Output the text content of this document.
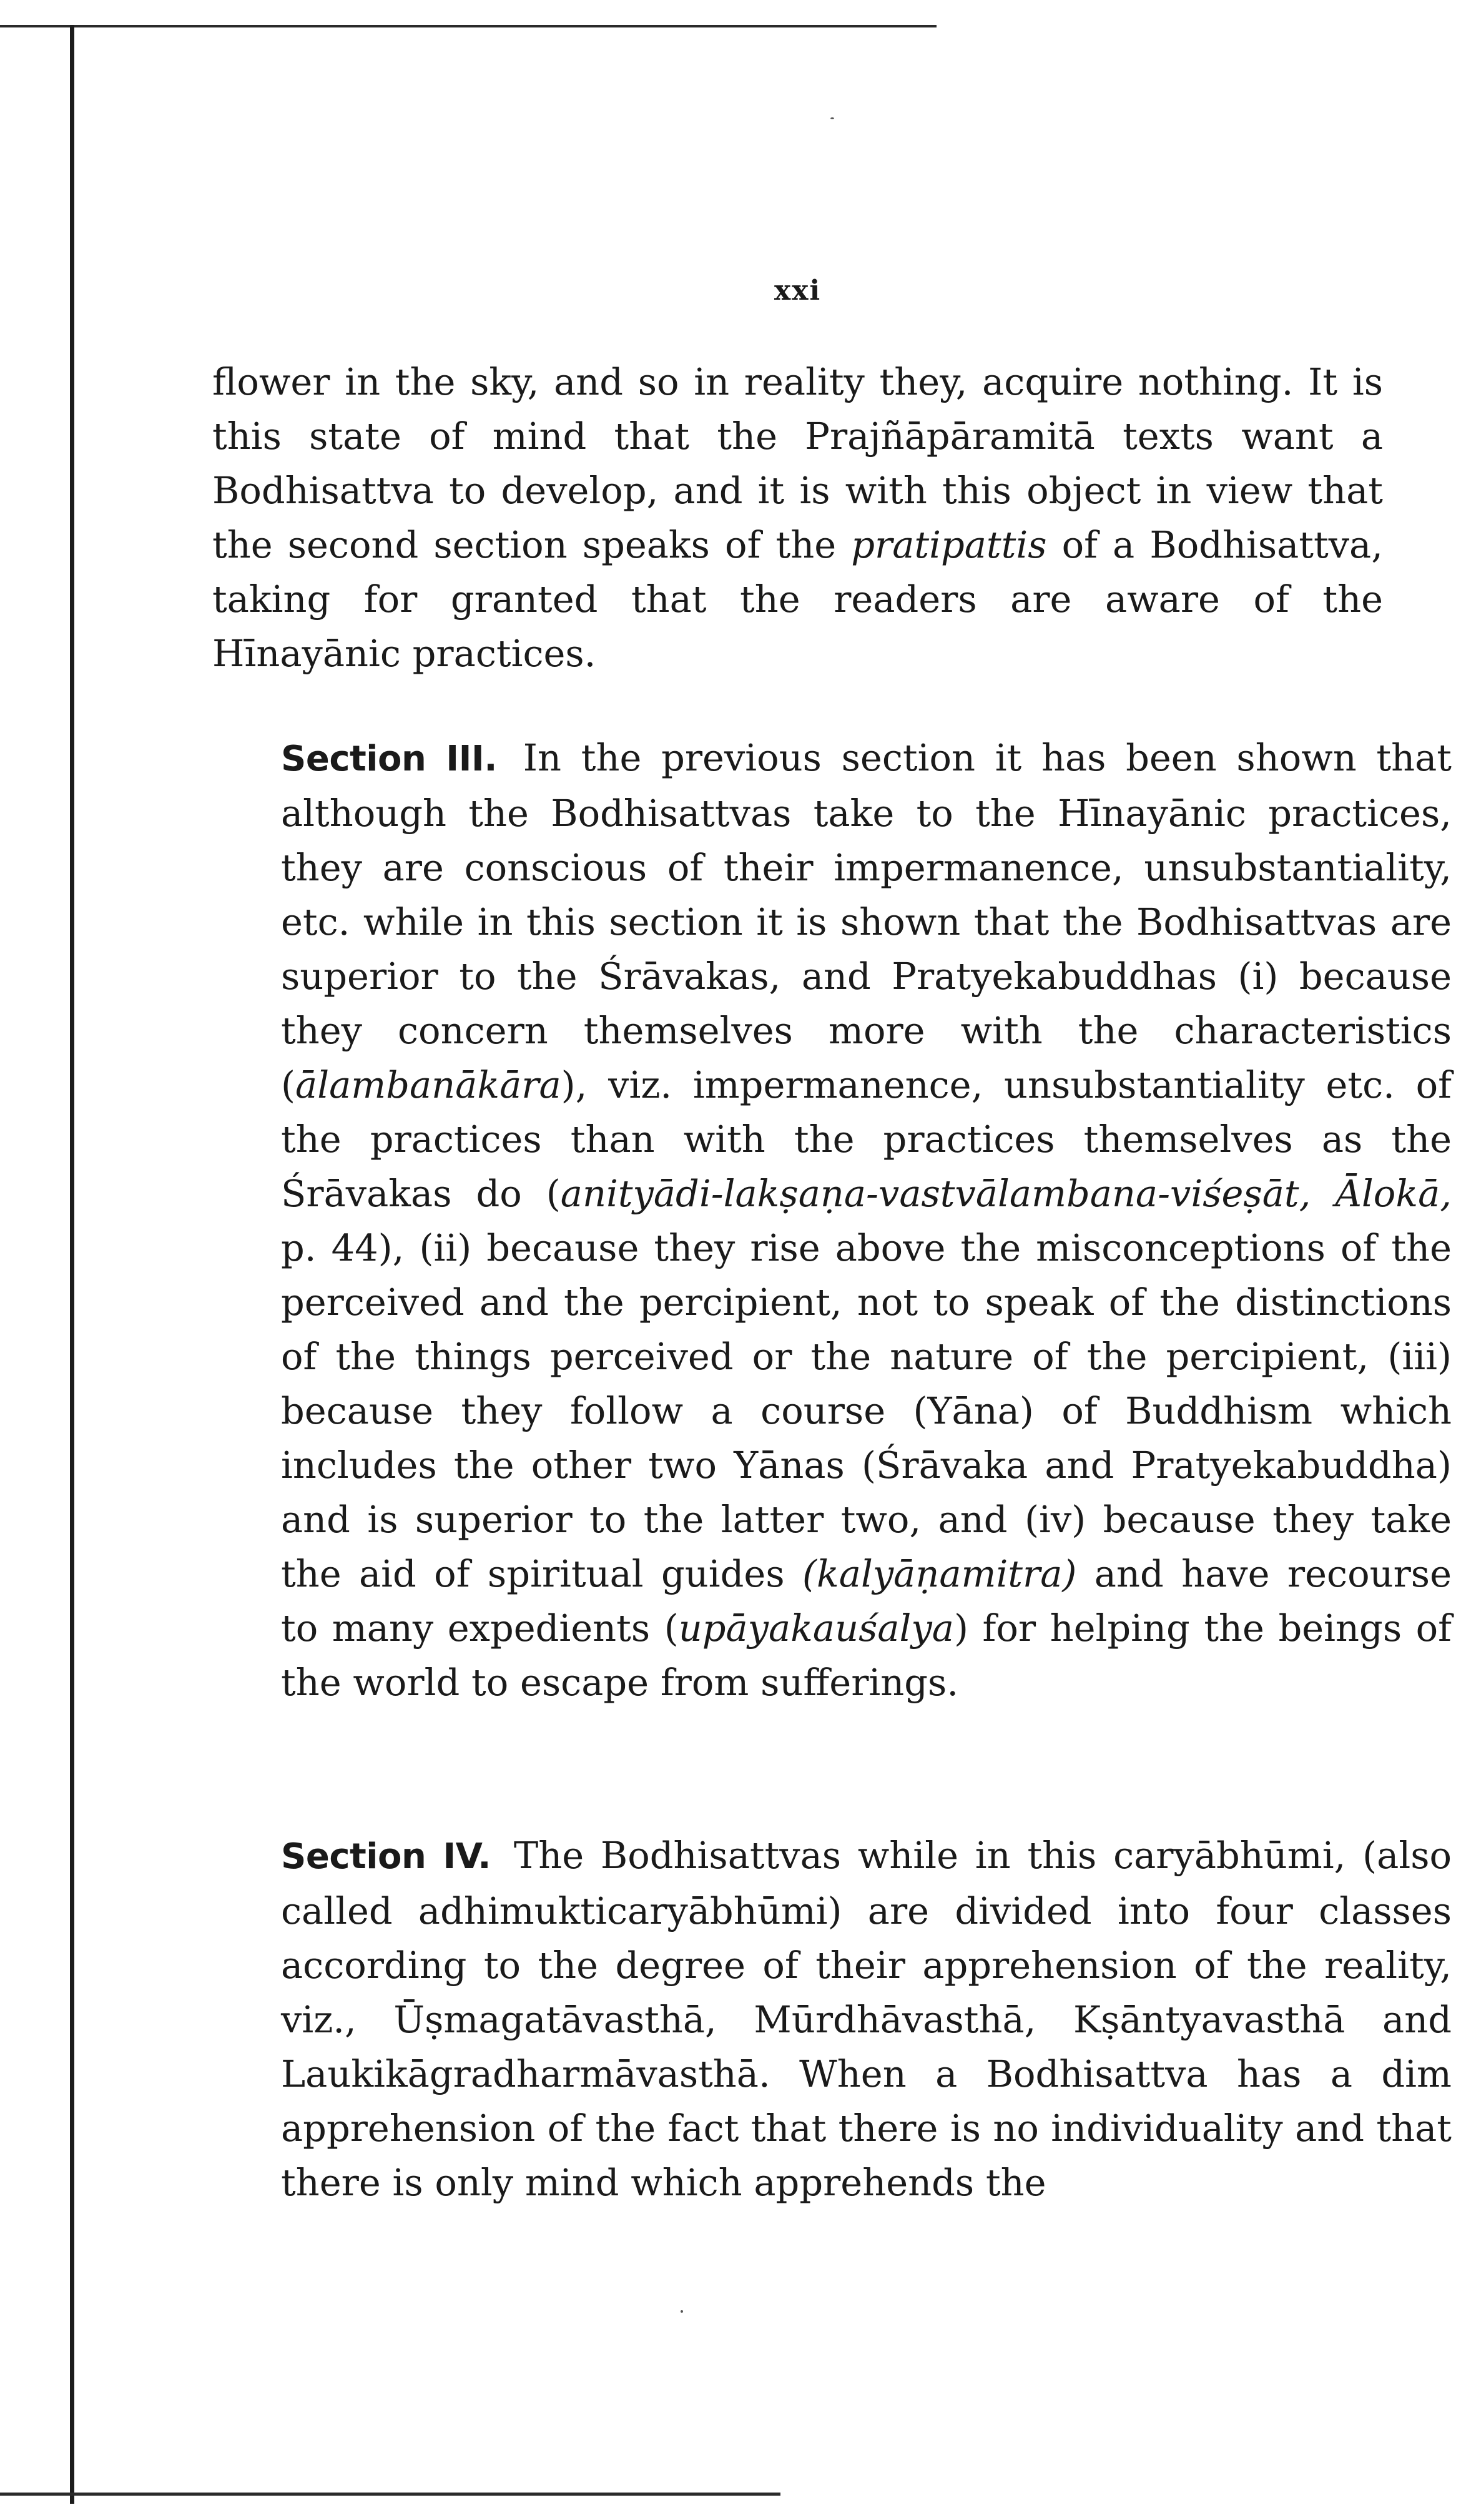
xxi

flower in the sky, and so in reality they, acquire nothing. It is this state of mind that the Prajñāpāramitā texts want a Bodhisattva to develop, and it is with this object in view that the second section speaks of the pratipattis of a Bodhisattva, taking for granted that the readers are aware of the Hīnayānic practices.

Section III. In the previous section it has been shown that although the Bodhisattvas take to the Hīnayānic practices, they are conscious of their impermanence, unsubstantiality, etc. while in this section it is shown that the Bodhisattvas are superior to the Śrāvakas, and Pratyekabuddhas (i) because they concern themselves more with the characteristics (ālambanākāra), viz. impermanence, unsubstantiality etc. of the practices than with the practices themselves as the Śrāvakas do (anityādi-lakṣaṇa-vastvālambana-viśeṣāt, Ālokā, p. 44), (ii) because they rise above the misconceptions of the perceived and the percipient, not to speak of the distinctions of the things perceived or the nature of the percipient, (iii) because they follow a course (Yāna) of Buddhism which includes the other two Yānas (Śrāvaka and Pratyekabuddha) and is superior to the latter two, and (iv) because they take the aid of spiritual guides (kalyāṇamitra) and have recourse to many expedients (upāyakauśalya) for helping the beings of the world to escape from sufferings.

Section IV. The Bodhisattvas while in this caryābhūmi, (also called adhimukticaryābhūmi) are divided into four classes according to the degree of their apprehension of the reality, viz., Ūṣmagatāvasthā, Mūrdhāvasthā, Kṣāntyavasthā and Laukikāgradharmāvasthā. When a Bodhisattva has a dim apprehension of the fact that there is no individuality and that there is only mind which apprehends the
